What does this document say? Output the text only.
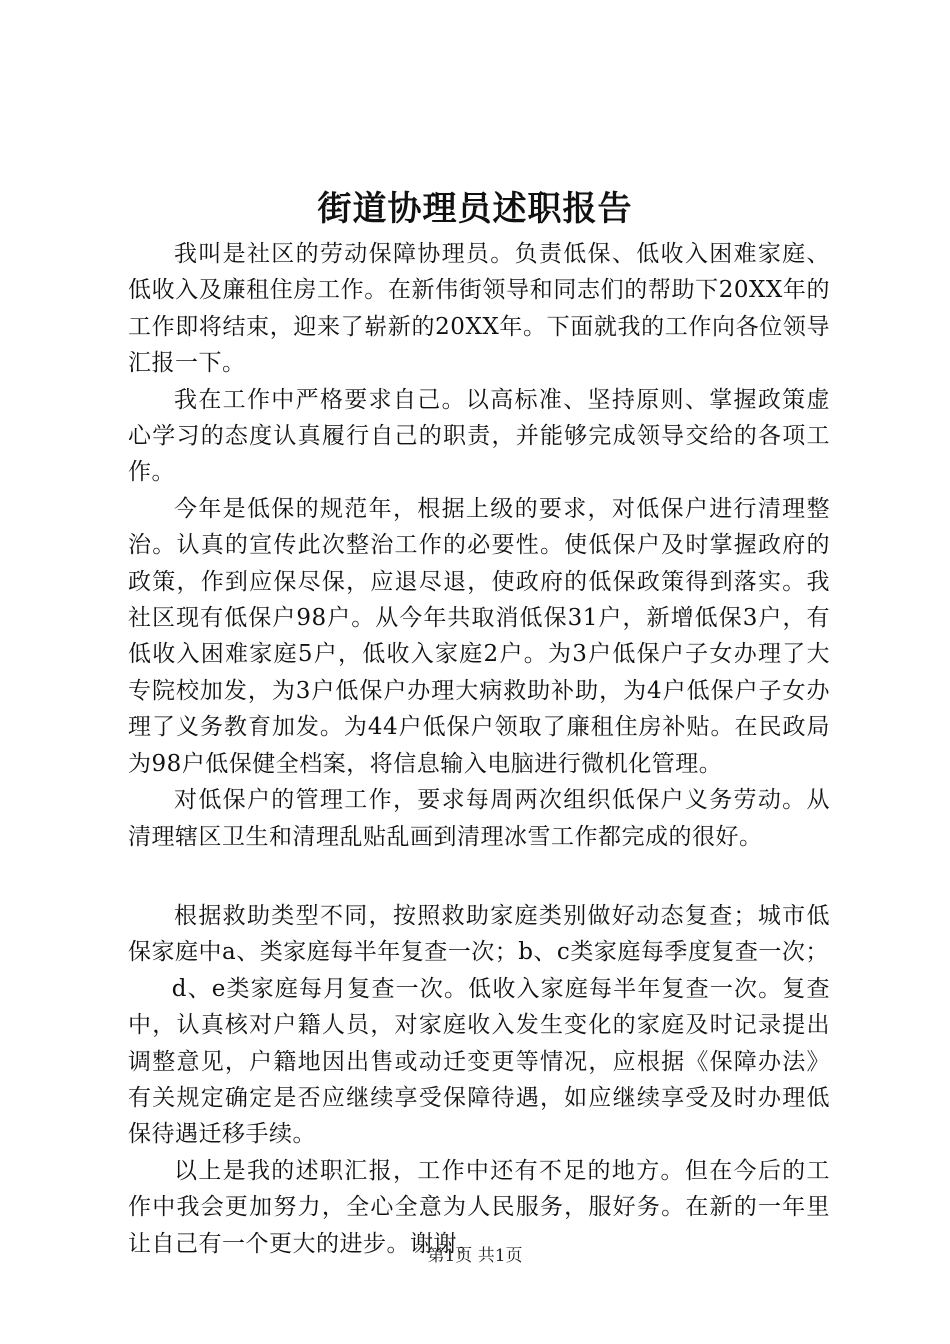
街道协理员述职报告

我叫是社区的劳动保障协理员。负责低保、低收入困难家庭、低收入及廉租住房工作。在新伟街领导和同志们的帮助下20XX年的工作即将结束，迎来了崭新的20XX年。下面就我的工作向各位领导汇报一下。

我在工作中严格要求自己。以高标准、坚持原则、掌握政策虚心学习的态度认真履行自己的职责，并能够完成领导交给的各项工作。

今年是低保的规范年，根据上级的要求，对低保户进行清理整治。认真的宣传此次整治工作的必要性。使低保户及时掌握政府的政策，作到应保尽保，应退尽退，使政府的低保政策得到落实。我社区现有低保户98户。从今年共取消低保31户，新增低保3户，有低收入困难家庭5户，低收入家庭2户。为3户低保户子女办理了大专院校加发，为3户低保户办理大病救助补助，为4户低保户子女办理了义务教育加发。为44户低保户领取了廉租住房补贴。在民政局为98户低保健全档案，将信息输入电脑进行微机化管理。

对低保户的管理工作，要求每周两次组织低保户义务劳动。从清理辖区卫生和清理乱贴乱画到清理冰雪工作都完成的很好。

根据救助类型不同，按照救助家庭类别做好动态复查；城市低保家庭中a、类家庭每半年复查一次；b、c类家庭每季度复查一次；

d、e类家庭每月复查一次。低收入家庭每半年复查一次。复查中，认真核对户籍人员，对家庭收入发生变化的家庭及时记录提出调整意见，户籍地因出售或动迁变更等情况，应根据《保障办法》有关规定确定是否应继续享受保障待遇，如应继续享受及时办理低保待遇迁移手续。

以上是我的述职汇报，工作中还有不足的地方。但在今后的工作中我会更加努力，全心全意为人民服务，服好务。在新的一年里让自己有一个更大的进步。谢谢。

第1页 共1页
